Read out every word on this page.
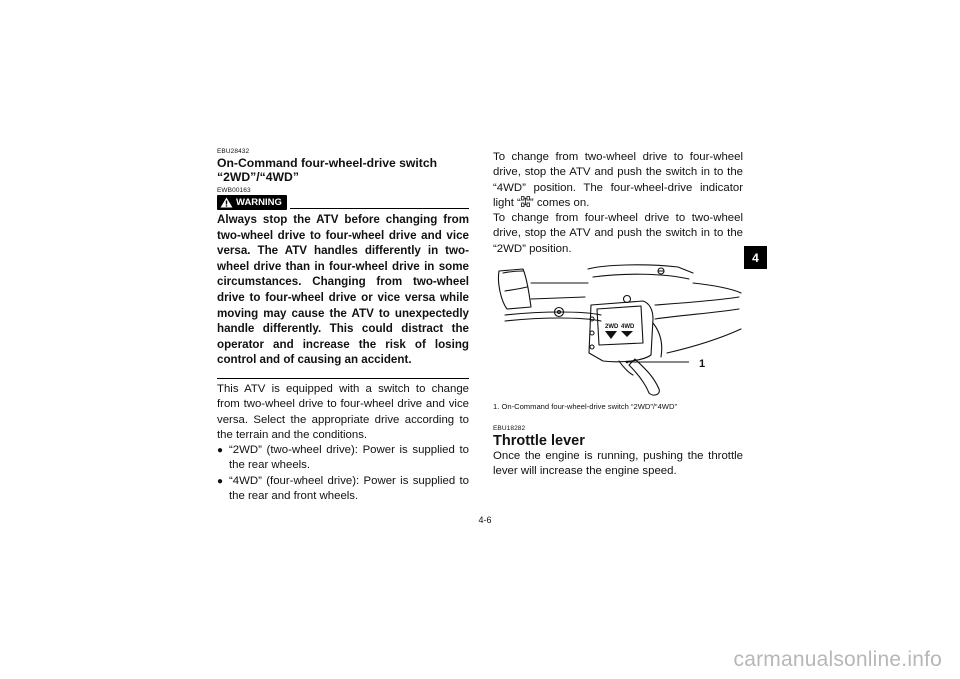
EBU28432
On-Command four-wheel-drive switch
“2WD”/“4WD”
EWB00163
WARNING
Always stop the ATV before changing from two-wheel drive to four-wheel drive and vice versa. The ATV handles differently in two-wheel drive than in four-wheel drive in some circumstances. Changing from two-wheel drive to four-wheel drive or vice versa while moving may cause the ATV to unexpectedly handle differently. This could distract the operator and increase the risk of losing control and of causing an accident.
This ATV is equipped with a switch to change from two-wheel drive to four-wheel drive and vice versa. Select the appropriate drive according to the terrain and the conditions.
● “2WD” (two-wheel drive): Power is supplied to the rear wheels.
● “4WD” (four-wheel drive): Power is supplied to the rear and front wheels.
To change from two-wheel drive to four-wheel drive, stop the ATV and push the switch in to the “4WD” position. The four-wheel-drive indicator light “ ” comes on.
To change from four-wheel drive to two-wheel drive, stop the ATV and push the switch in to the “2WD” position.
2WD 4WD
1
1. On-Command four-wheel-drive switch “2WD”/“4WD”
EBU18282
Throttle lever
Once the engine is running, pushing the throttle lever will increase the engine speed.
4
4-6
carmanualsonline.info
